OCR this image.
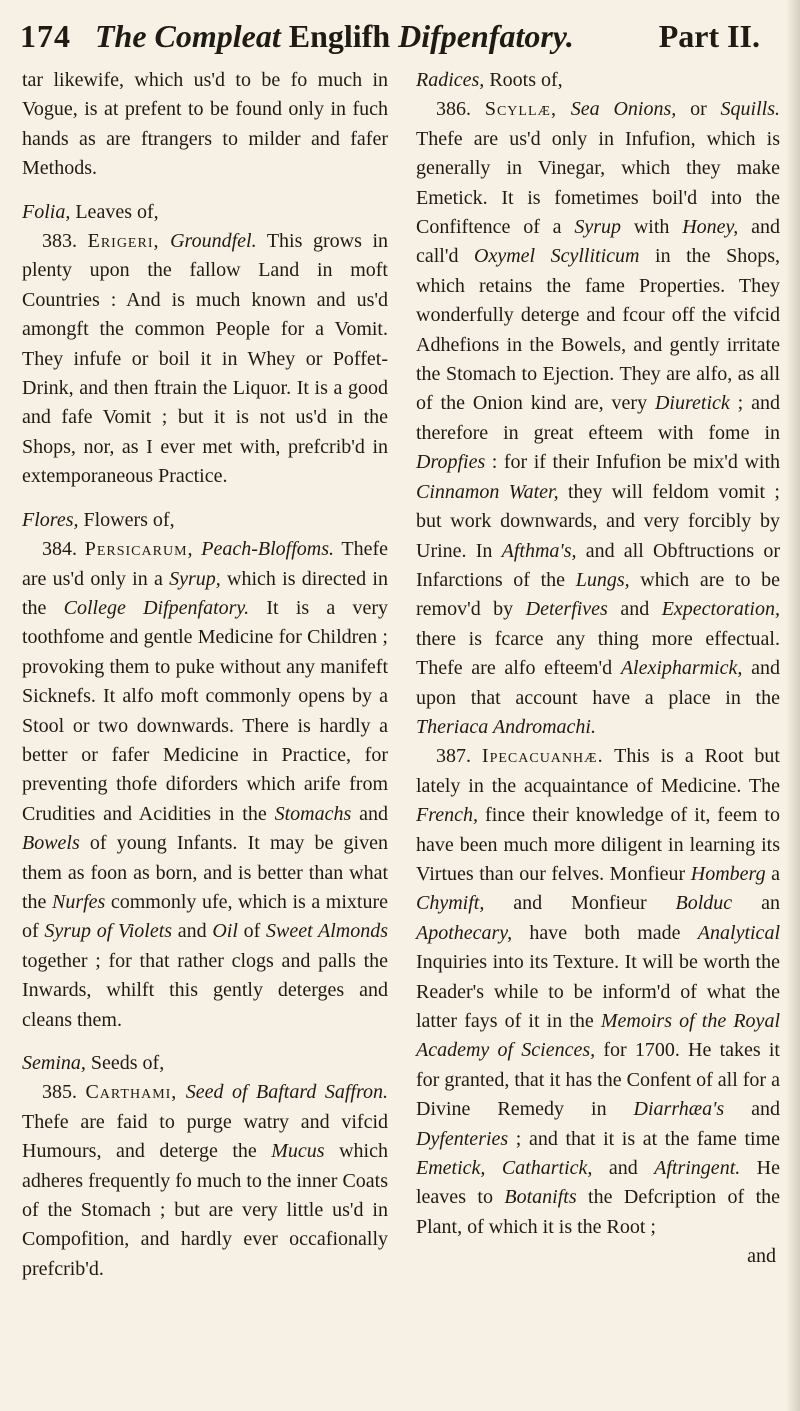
174 The Compleat Englifh Difpenfatory.	Part II.

tar likewife, which us'd to be fo much in Vogue, is at prefent to be found only in fuch hands as are ftrangers to milder and fafer Methods.

Folia, Leaves of,

383. Erigeri, Groundfel. This grows in plenty upon the fallow Land in moft Countries : And is much known and us'd amongft the common People for a Vomit. They infufe or boil it in Whey or Poffet-Drink, and then ftrain the Liquor. It is a good and fafe Vomit ; but it is not us'd in the Shops, nor, as I ever met with, prefcrib'd in extemporaneous Practice.

Flores, Flowers of,

384. Persicarum, Peach-Bloffoms. Thefe are us'd only in a Syrup, which is directed in the College Difpenfatory. It is a very toothfome and gentle Medicine for Children ; provoking them to puke without any manifeft Sicknefs. It alfo moft commonly opens by a Stool or two downwards. There is hardly a better or fafer Medicine in Practice, for preventing thofe diforders which arife from Crudities and Acidities in the Stomachs and Bowels of young Infants. It may be given them as foon as born, and is better than what the Nurfes commonly ufe, which is a mixture of Syrup of Violets and Oil of Sweet Almonds together ; for that rather clogs and palls the Inwards, whilft this gently deterges and cleans them.

Semina, Seeds of,

385. Carthami, Seed of Baftard Saffron. Thefe are faid to purge watry and vifcid Humours, and deterge the Mucus which adheres frequently fo much to the inner Coats of the Stomach ; but are very little us'd in Compofition, and hardly ever occafionally prefcrib'd.

Radices, Roots of,

386. Scyllæ, Sea Onions, or Squills. Thefe are us'd only in Infufion, which is generally in Vinegar, which they make Emetick. It is fometimes boil'd into the Confiftence of a Syrup with Honey, and call'd Oxymel Scylliticum in the Shops, which retains the fame Properties. They wonderfully deterge and fcour off the vifcid Adhefions in the Bowels, and gently irritate the Stomach to Ejection. They are alfo, as all of the Onion kind are, very Diuretick ; and therefore in great efteem with fome in Dropfies : for if their Infufion be mix'd with Cinnamon Water, they will feldom vomit ; but work downwards, and very forcibly by Urine. In Afthma's, and all Obftructions or Infarctions of the Lungs, which are to be remov'd by Deterfives and Expectoration, there is fcarce any thing more effectual. Thefe are alfo efteem'd Alexipharmick, and upon that account have a place in the Theriaca Andromachi.

387. Ipecacuanhæ. This is a Root but lately in the acquaintance of Medicine. The French, fince their knowledge of it, feem to have been much more diligent in learning its Virtues than our felves. Monfieur Homberg a Chymift, and Monfieur Bolduc an Apothecary, have both made Analytical Inquiries into its Texture. It will be worth the Reader's while to be inform'd of what the latter fays of it in the Memoirs of the Royal Academy of Sciences, for 1700. He takes it for granted, that it has the Confent of all for a Divine Remedy in Diarrhæa's and Dyfenteries ; and that it is at the fame time Emetick, Cathartick, and Aftringent. He leaves to Botanifts the Defcription of the Plant, of which it is the Root ;

and
